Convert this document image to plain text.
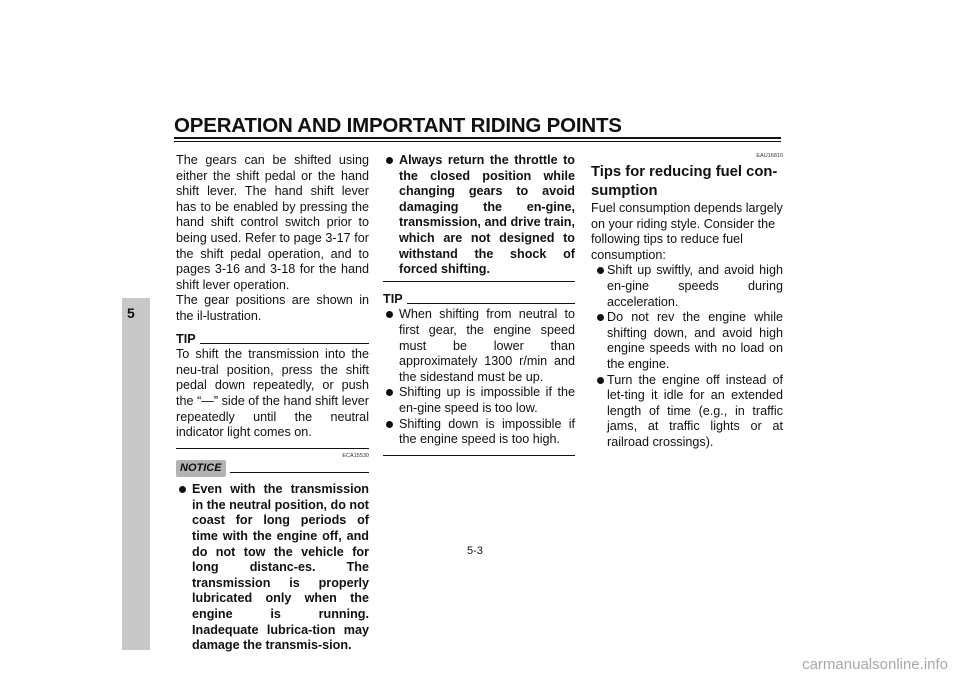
OPERATION AND IMPORTANT RIDING POINTS
5

The gears can be shifted using either the shift pedal or the hand shift lever. The hand shift lever has to be enabled by pressing the hand shift control switch prior to being used. Refer to page 3-17 for the shift pedal operation, and to pages 3-16 and 3-18 for the hand shift lever operation.

The gear positions are shown in the il-lustration.

TIP

To shift the transmission into the neu-tral position, press the shift pedal down repeatedly, or push the “—” side of the hand shift lever repeatedly until the neutral indicator light comes on.

ECA15530
NOTICE
Even with the transmission in the neutral position, do not coast for long periods of time with the engine off, and do not tow the vehicle for long distanc-es. The transmission is properly lubricated only when the engine is running. Inadequate lubrica-tion may damage the transmis-sion.
Always return the throttle to the closed position while changing gears to avoid damaging the en-gine, transmission, and drive train, which are not designed to withstand the shock of forced shifting.
TIP
When shifting from neutral to first gear, the engine speed must be lower than approximately 1300 r/min and the sidestand must be up.
Shifting up is impossible if the en-gine speed is too low.
Shifting down is impossible if the engine speed is too high.
EAU16810
Tips for reducing fuel con-sumption

Fuel consumption depends largely on your riding style. Consider the following tips to reduce fuel consumption:

Shift up swiftly, and avoid high en-gine speeds during acceleration.
Do not rev the engine while shifting down, and avoid high engine speeds with no load on the engine.
Turn the engine off instead of let-ting it idle for an extended length of time (e.g., in traffic jams, at traffic lights or at railroad crossings).
5-3
carmanualsonline.info
